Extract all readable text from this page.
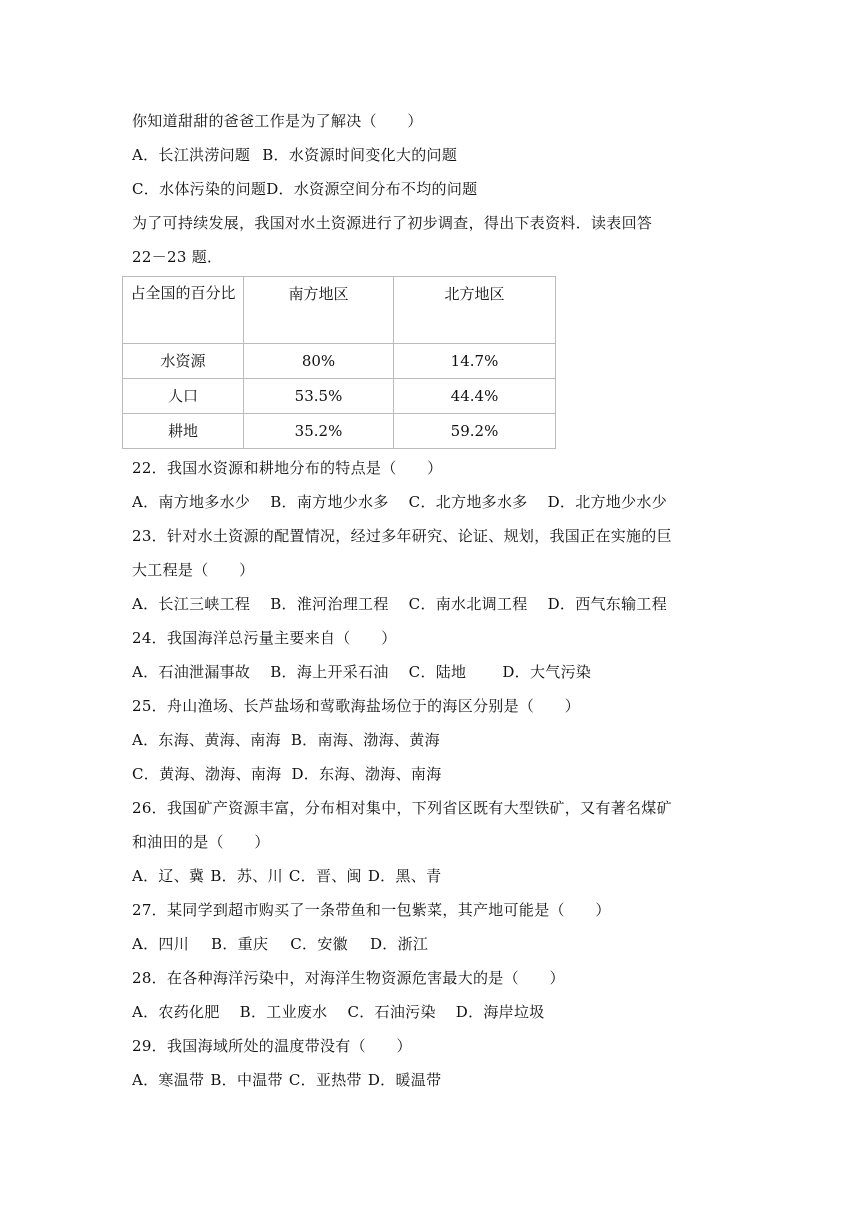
你知道甜甜的爸爸工作是为了解决（　　）
A．长江洪涝问题 B．水资源时间变化大的问题
C．水体污染的问题D．水资源空间分布不均的问题
为了可持续发展，我国对水土资源进行了初步调查，得出下表资料．读表回答
22－23 题．
占全国的百分比	南方地区	北方地区
水资源	80%	14.7%
人口	53.5%	44.4%
耕地	35.2%	59.2%
22．我国水资源和耕地分布的特点是（　　）
A．南方地多水少 B．南方地少水多 C．北方地多水多 D．北方地少水少
23．针对水土资源的配置情况，经过多年研究、论证、规划，我国正在实施的巨
大工程是（　　）
A．长江三峡工程 B．淮河治理工程 C．南水北调工程 D．西气东输工程
24．我国海洋总污量主要来自（　　）
A．石油泄漏事故 B．海上开采石油 C．陆地 D．大气污染
25．舟山渔场、长芦盐场和莺歌海盐场位于的海区分别是（　　）
A．东海、黄海、南海 B．南海、渤海、黄海
C．黄海、渤海、南海 D．东海、渤海、南海
26．我国矿产资源丰富，分布相对集中，下列省区既有大型铁矿，又有著名煤矿
和油田的是（　　）
A．辽、冀 B．苏、川 C．晋、闽 D．黑、青
27．某同学到超市购买了一条带鱼和一包紫菜，其产地可能是（　　）
A．四川 B．重庆 C．安徽 D．浙江
28．在各种海洋污染中，对海洋生物资源危害最大的是（　　）
A．农药化肥 B．工业废水 C．石油污染 D．海岸垃圾
29．我国海域所处的温度带没有（　　）
A．寒温带 B．中温带 C．亚热带 D．暖温带
